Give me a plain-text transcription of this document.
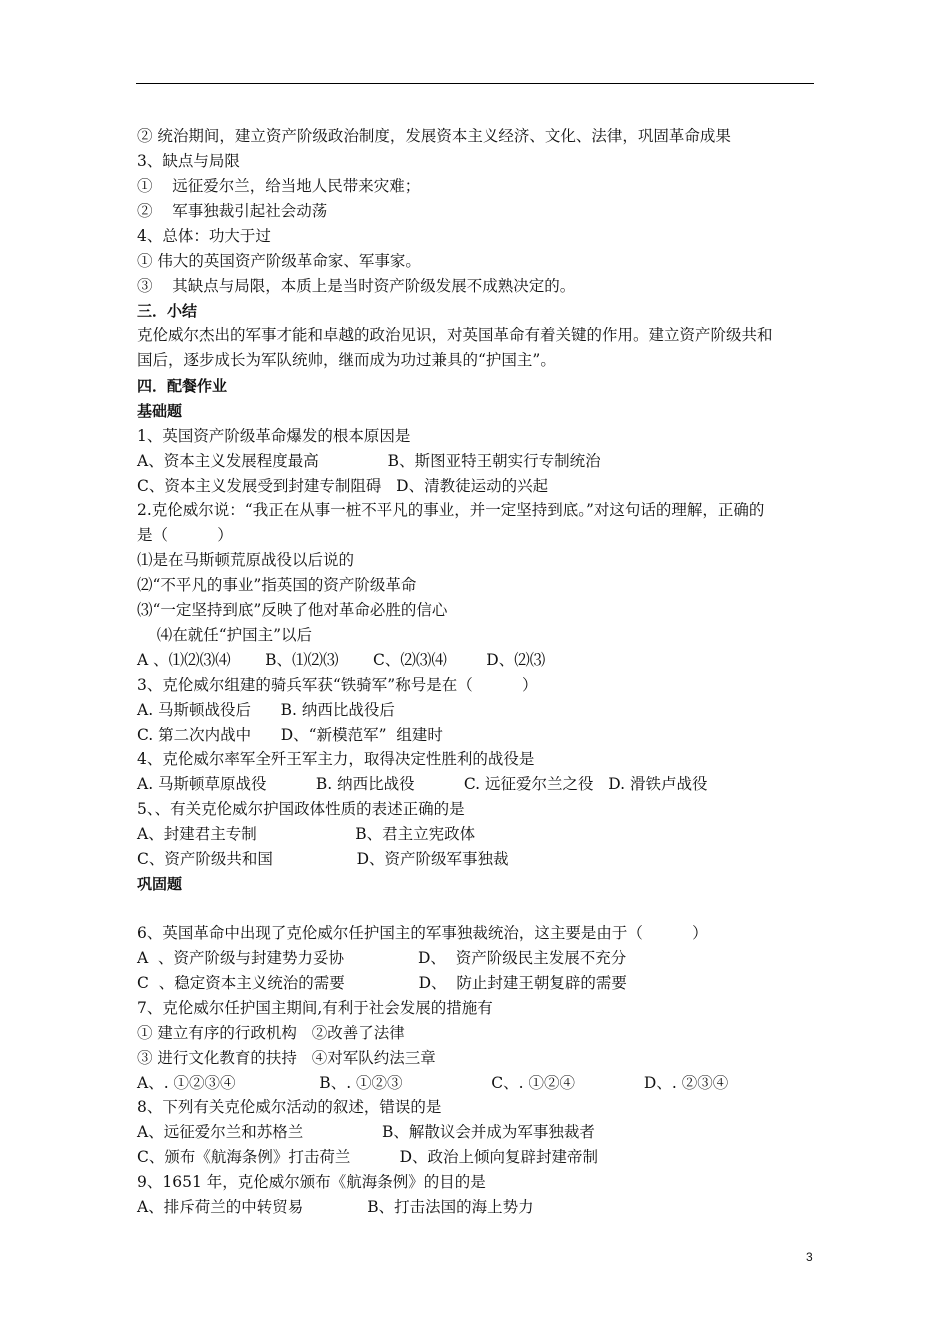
② 统治期间，建立资产阶级政治制度，发展资本主义经济、文化、法律，巩固革命成果
3、缺点与局限
①    远征爱尔兰，给当地人民带来灾难；
②    军事独裁引起社会动荡
4、总体：功大于过
① 伟大的英国资产阶级革命家、军事家。
③    其缺点与局限，本质上是当时资产阶级发展不成熟决定的。
三．小结
克伦威尔杰出的军事才能和卓越的政治见识，对英国革命有着关键的作用。建立资产阶级共和
国后，逐步成长为军队统帅，继而成为功过兼具的“护国主”。
四．配餐作业
基础题
1、英国资产阶级革命爆发的根本原因是
A、资本主义发展程度最高              B、斯图亚特王朝实行专制统治
C、资本主义发展受到封建专制阻碍   D、清教徒运动的兴起
2.克伦威尔说：“我正在从事一桩不平凡的事业，并一定坚持到底。”对这句话的理解，正确的
是（          ）
⑴是在马斯顿荒原战役以后说的
⑵“不平凡的事业”指英国的资产阶级革命
⑶“一定坚持到底”反映了他对革命必胜的信心
⑷在就任“护国主”以后
A 、⑴⑵⑶⑷       B、⑴⑵⑶       C、⑵⑶⑷        D、⑵⑶
3、克伦威尔组建的骑兵军获“铁骑军”称号是在（          ）
A. 马斯顿战役后      B. 纳西比战役后
C. 第二次内战中      D、“新模范军”  组建时
4、克伦威尔率军全歼王军主力，取得决定性胜利的战役是
A. 马斯顿草原战役          B. 纳西比战役          C. 远征爱尔兰之役   D. 滑铁卢战役
5、、有关克伦威尔护国政体性质的表述正确的是
A、封建君主专制                    B、君主立宪政体
C、资产阶级共和国                 D、资产阶级军事独裁
巩固题
6、英国革命中出现了克伦威尔任护国主的军事独裁统治，这主要是由于（          ）
A  、资产阶级与封建势力妥协               D、  资产阶级民主发展不充分
C  、稳定资本主义统治的需要               D、  防止封建王朝复辟的需要
7、克伦威尔任护国主期间,有利于社会发展的措施有
① 建立有序的行政机构   ②改善了法律
③ 进行文化教育的扶持   ④对军队约法三章
A、. ①②③④                 B、. ①②③                  C、. ①②④              D、. ②③④
8、下列有关克伦威尔活动的叙述，错误的是
A、远征爱尔兰和苏格兰                B、解散议会并成为军事独裁者
C、颁布《航海条例》打击荷兰          D、政治上倾向复辟封建帝制
9、1651 年，克伦威尔颁布《航海条例》的目的是
A、排斥荷兰的中转贸易             B、打击法国的海上势力
3
